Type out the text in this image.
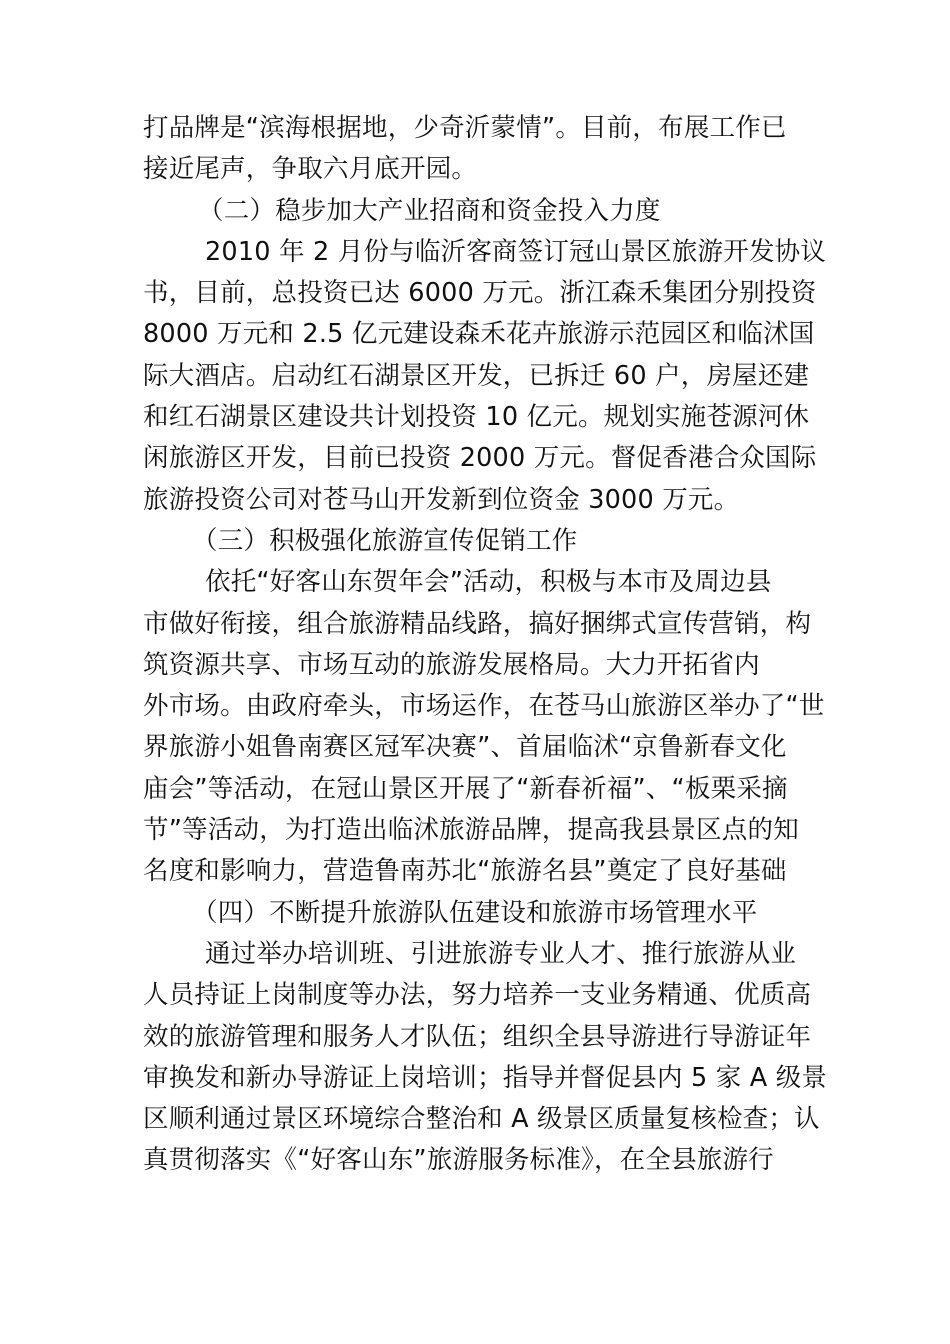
打品牌是“滨海根据地，少奇沂蒙情”。目前，布展工作已
接近尾声，争取六月底开园。
（二）稳步加大产业招商和资金投入力度
2010 年 2 月份与临沂客商签订冠山景区旅游开发协议
书，目前，总投资已达 6000 万元。浙江森禾集团分别投资
8000 万元和 2.5 亿元建设森禾花卉旅游示范园区和临沭国
际大酒店。启动红石湖景区开发，已拆迁 60 户，房屋还建
和红石湖景区建设共计划投资 10 亿元。规划实施苍源河休
闲旅游区开发，目前已投资 2000 万元。督促香港合众国际
旅游投资公司对苍马山开发新到位资金 3000 万元。
（三）积极强化旅游宣传促销工作
依托“好客山东贺年会”活动，积极与本市及周边县
市做好衔接，组合旅游精品线路，搞好捆绑式宣传营销，构
筑资源共享、市场互动的旅游发展格局。大力开拓省内
外市场。由政府牵头，市场运作，在苍马山旅游区举办了“世
界旅游小姐鲁南赛区冠军决赛”、首届临沭“京鲁新春文化
庙会”等活动，在冠山景区开展了“新春祈福”、“板栗采摘
节”等活动，为打造出临沭旅游品牌，提高我县景区点的知
名度和影响力，营造鲁南苏北“旅游名县”奠定了良好基础
（四）不断提升旅游队伍建设和旅游市场管理水平
通过举办培训班、引进旅游专业人才、推行旅游从业
人员持证上岗制度等办法，努力培养一支业务精通、优质高
效的旅游管理和服务人才队伍；组织全县导游进行导游证年
审换发和新办导游证上岗培训；指导并督促县内 5 家 A 级景
区顺利通过景区环境综合整治和 A 级景区质量复核检查；认
真贯彻落实《“好客山东”旅游服务标准》，在全县旅游行
